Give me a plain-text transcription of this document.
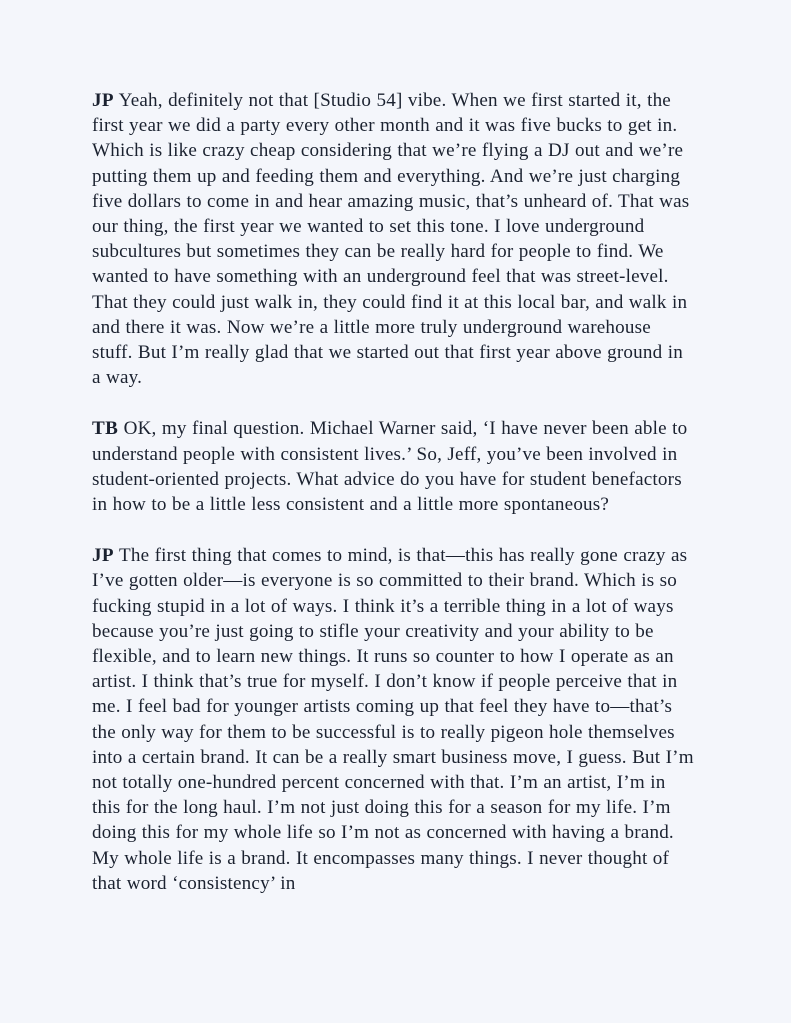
JP Yeah, definitely not that [Studio 54] vibe. When we first started it, the first year we did a party every other month and it was five bucks to get in. Which is like crazy cheap considering that we’re flying a DJ out and we’re putting them up and feeding them and everything. And we’re just charging five dollars to come in and hear amazing music, that’s unheard of. That was our thing, the first year we wanted to set this tone. I love underground subcultures but sometimes they can be really hard for people to find. We wanted to have something with an underground feel that was street-level. That they could just walk in, they could find it at this local bar, and walk in and there it was. Now we’re a little more truly underground warehouse stuff. But I’m really glad that we started out that first year above ground in a way.

TB OK, my final question. Michael Warner said, ‘I have never been able to understand people with consistent lives.’ So, Jeff, you’ve been involved in student-oriented projects. What advice do you have for student benefactors in how to be a little less consistent and a little more spontaneous?

JP The first thing that comes to mind, is that—this has really gone crazy as I’ve gotten older—is everyone is so committed to their brand. Which is so fucking stupid in a lot of ways. I think it’s a terrible thing in a lot of ways because you’re just going to stifle your creativity and your ability to be flexible, and to learn new things. It runs so counter to how I operate as an artist. I think that’s true for myself. I don’t know if people perceive that in me. I feel bad for younger artists coming up that feel they have to—that’s the only way for them to be successful is to really pigeon hole themselves into a certain brand. It can be a really smart business move, I guess. But I’m not totally one-hundred percent concerned with that. I’m an artist, I’m in this for the long haul. I’m not just doing this for a season for my life. I’m doing this for my whole life so I’m not as concerned with having a brand. My whole life is a brand. It encompasses many things. I never thought of that word ‘consistency’ in
